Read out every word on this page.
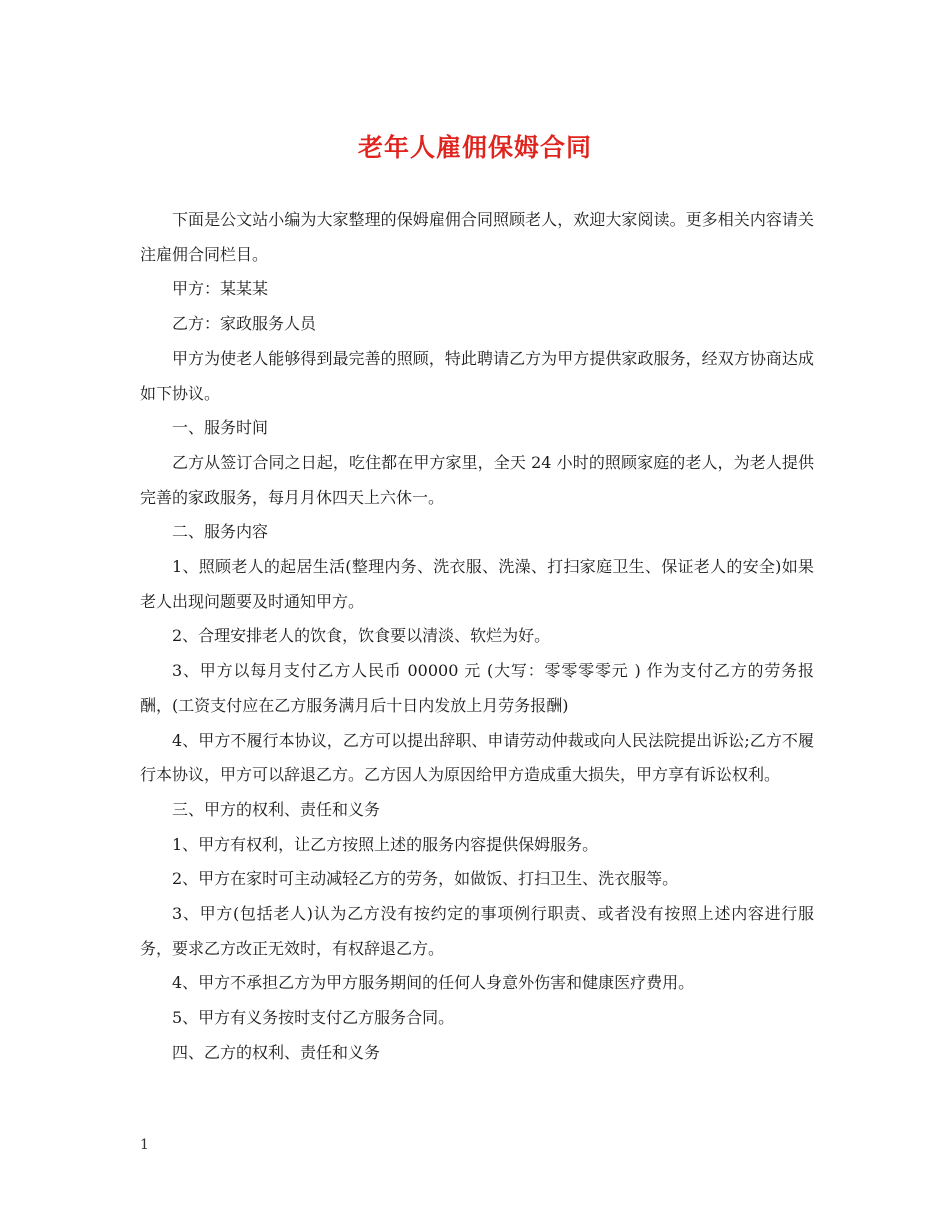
老年人雇佣保姆合同

下面是公文站小编为大家整理的保姆雇佣合同照顾老人，欢迎大家阅读。更多相关内容请关注雇佣合同栏目。

甲方：某某某

乙方：家政服务人员

甲方为使老人能够得到最完善的照顾，特此聘请乙方为甲方提供家政服务，经双方协商达成如下协议。

一、服务时间

乙方从签订合同之日起，吃住都在甲方家里，全天 24 小时的照顾家庭的老人，为老人提供完善的家政服务，每月月休四天上六休一。

二、服务内容

1、照顾老人的起居生活(整理内务、洗衣服、洗澡、打扫家庭卫生、保证老人的安全)如果老人出现问题要及时通知甲方。

2、合理安排老人的饮食，饮食要以清淡、软烂为好。

3、甲方以每月支付乙方人民币 00000 元 (大写：零零零零元 ) 作为支付乙方的劳务报酬，(工资支付应在乙方服务满月后十日内发放上月劳务报酬)

4、甲方不履行本协议，乙方可以提出辞职、申请劳动仲裁或向人民法院提出诉讼;乙方不履行本协议，甲方可以辞退乙方。乙方因人为原因给甲方造成重大损失，甲方享有诉讼权利。

三、甲方的权利、责任和义务

1、甲方有权利，让乙方按照上述的服务内容提供保姆服务。

2、甲方在家时可主动减轻乙方的劳务，如做饭、打扫卫生、洗衣服等。

3、甲方(包括老人)认为乙方没有按约定的事项例行职责、或者没有按照上述内容进行服务，要求乙方改正无效时，有权辞退乙方。

4、甲方不承担乙方为甲方服务期间的任何人身意外伤害和健康医疗费用。

5、甲方有义务按时支付乙方服务合同。

四、乙方的权利、责任和义务

1
